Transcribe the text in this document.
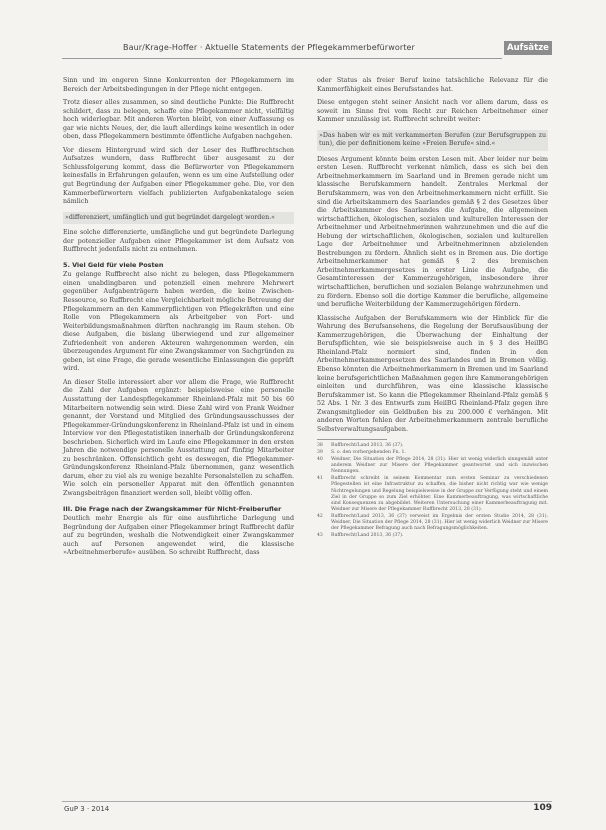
Baur/Krage-Hoffer · Aktuelle Statements der Pflegekammerbefürworter	Aufsätze

Sinn und im engeren Sinne Konkurrenten der Pflegekammern im Bereich der Arbeitsbedingungen in der Pflege nicht entgegen.

Trotz dieser alles zusammen, so sind deutliche Punkte: Die Ruffbrecht schildert, dass zu belegen, schaffe eine Pflegekammer nicht, vielfältig hoch widerlegbar. Mit anderen Worten bleibt, von einer Auffassung es gar wie nichts Neues, der, die lauft allerdings keine wesentlich in oder oben, dass Pflegekammern bestimmte öffentliche Aufgaben nachgehen.

Vor diesem Hintergrund wird sich der Leser des Ruffbrechtschen Aufsatzes wundern, dass Ruffbrecht über ausgesamt zu der Schlussfolgerung kommt, dass die Befürworter von Pflegekammern keinesfalls in Erfahrungen gelaufen, wenn es um eine Aufstellung oder gut Begründung der Aufgaben einer Pflegekammer gehe. Die, vor den Kammerbefürwortern vielfach publizierten Aufgabenkataloge seien nämlich

»differenziert, umfänglich und gut begründet dargelegt worden.«

Eine solche differenzierte, umfängliche und gut begründete Darlegung der potenzieller Aufgaben einer Pflegekammer ist dem Aufsatz von Ruffbrecht jedenfalls nicht zu entnehmen.

5. Viel Geld für viele Posten

Zu gelange Ruffbrecht also nicht zu belegen, dass Pflegekammern einen unabdingbaren und potenziell einen mehrere Mehrwert gegenüber Aufgabenträgern haben werden, die keine Zwischen-Ressource, so Ruffbrecht eine Vergleichbarkeit mögliche Betreuung der Pflegekammern an den Kammerpflichtigen von Pflegekräften und eine Rolle von Pflegekammern als Arbeitgeber von Fort- und Weiterbildungsmaßnahmen dürften nachrangig im Raum stehen. Ob diese Aufgaben, die bislang überwiegend und zur allgemeiner Zufriedenheit von anderen Akteuren wahrgenommen werden, ein überzeugendes Argument für eine Zwangskammer von Sachgründen zu geben, ist eine Frage, die gerade wesentliche Einlassungen die geprüft wird.

An dieser Stelle interessiert aber vor allem die Frage, wie Ruffbrecht die Zahl der Aufgaben ergänzt: beispielsweise eine personelle Ausstattung der Landespflegekammer Rheinland-Pfalz mit 50 bis 60 Mitarbeitern notwendig sein wird. Diese Zahl wird von Frank Weidner genannt, der Vorstand und Mitglied des Gründungsausschusses der Pflegekammer-Gründungskonferenz in Rheinland-Pfalz ist und in einem Interview vor den Pflegestatistiken innerhalb der Gründungskonferenz beschrieben. Sicherlich wird im Laufe eine Pflegekammer in den ersten Jahren die notwendige personelle Ausstattung auf fünfzig Mitarbeiter zu beschränken. Offensichtlich geht es deswegen, die Pflegekammer-Gründungskonferenz Rheinland-Pfalz übernommen, ganz wesentlich darum, eher zu viel als zu wenige bezahlte Personalstellen zu schaffen. Wie solch ein personeller Apparat mit den öffentlich genannten Zwangsbeiträgen finanziert werden soll, bleibt völlig offen.

III. Die Frage nach der Zwangskammer für Nicht-Freiberufler

Deutlich mehr Energie als für eine ausführliche Darlegung und Begründung der Aufgaben einer Pflegekammer bringt Ruffbrecht dafür auf zu begründen, weshalb die Notwendigkeit einer Zwangskammer auch auf Personen angewendet wird, die klassische »Arbeitnehmerberufe« ausüben. So schreibt Ruffbrecht, dass

oder Status als freier Beruf keine tatsächliche Relevanz für die Kammerfähigkeit eines Berufsstandes hat.

Diese entgegen steht seiner Ansicht nach vor allem darum, dass es soweit im Sinne frei vom Recht zur Reichen Arbeitnehmer einer Kammer unzulässig ist. Ruffbrecht schreibt weiter:

»Das haben wir es mit verkammerten Berufen (zur Berufsgruppen zu tun), die per definitionem keine »Freien Berufe« sind.«

Dieses Argument könnte beim ersten Lesen mit. Aber leider nur beim ersten Lesen. Ruffbrecht verkennt nämlich, dass es sich bei den Arbeitnehmerkammern im Saarland und in Bremen gerade nicht um klassische Berufskammern handelt. Zentrales Merkmal der Berufskammern, was von den Arbeitnehmerkammern nicht erfüllt. Sie sind die Arbeitskammern des Saarlandes gemäß § 2 des Gesetzes über die Arbeitskammer des Saarlandes die Aufgabe, die allgemeinen wirtschaftlichen, ökologischen, sozialen und kulturellen Interessen der Arbeitnehmer und Arbeitnehmerinnen wahrzunehmen und die auf die Hebung der wirtschaftlichen, ökologischen, sozialen und kulturellen Lage der Arbeitnehmer und Arbeitnehmerinnen abzielenden Bestrebungen zu fördern. Ähnlich sieht es in Bremen aus. Die dortige Arbeitnehmerkammer hat gemäß § 2 des bremischen Arbeitnehmerkammergesetzes in erster Linie die Aufgabe, die Gesamtinteressen der Kammerzugehörigen, insbesondere ihrer wirtschaftlichen, beruflichen und sozialen Belange wahrzunehmen und zu fördern. Ebenso soll die dortige Kammer die berufliche, allgemeine und berufliche Weiterbildung der Kammerzugehörigen fördern.

Klassische Aufgaben der Berufskammern wie der Hinblick für die Wahrung des Berufsansehens, die Regelung der Berufsausübung der Kammerzugehörigen, die Überwachung der Einhaltung der Berufspflichten, wie sie beispielsweise auch in § 3 des HeilBG Rheinland-Pfalz normiert sind, finden in den Arbeitnehmerkammergesetzen des Saarlandes und in Bremen völlig. Ebenso könnten die Arbeitnehmerkammern in Bremen und im Saarland keine berufsgerichtlichen Maßnahmen gegen ihre Kammerangehörigen einleiten und durchführen, was eine klassische klassische Berufskammer ist. So kann die Pflegekammer Rheinland-Pfalz gemäß § 52 Abs. 1 Nr. 3 des Entwurfs zum HeilBG Rheinland-Pfalz gegen ihre Zwangsmitglieder ein Geldbußen bis zu 200.000 € verhängen. Mit anderen Worten fehlen der Arbeitnehmerkammern zentrale berufliche Selbstverwaltungsaufgaben.

38	Ruffbrecht/Land 2013, 36 (37).
39	S. o. den vorhergehenden Fn. 1.
40	Weidner, Die Situation der Pflege 2014, 28 (31). Hier ist wenig widerlich sinngemäß unter anderem Weidner zur Misere der Pflegekammer geantwortet und sich inzwischen Nennungen.
41	Ruffbrecht schreibt in seinem Kommentar zum ersten Seminar zu verschiedenen Pflegestellen ist eine Infrastruktur zu schaffen, die bisher nicht richtig war wie wenige Nichtregelungen und Regelung beispielsweise in der Gruppe zur Verfügung steht und einem Ziel in der Gruppe so zum Ziel erhöhter. Eine Kammerbeauftragung, was wirtschaftliche sind Konsequenzen zu abgebildet. Weiteren Untersuchung einer Kammerbeauftragung mit. Weidner zur Misere der Pflegekammer Ruffbrecht 2013, 28 (31).
42	Ruffbrecht/Land 2013, 36 (37) verweist im Ergebnis der ersten Studie 2014, 28 (31). Weidner, Die Situation der Pflege 2014, 28 (31). Hier ist wenig widerlich Weidner zur Misere der Pflegekammer Befragung auch nach Befragungsmöglichkeiten.
43	Ruffbrecht/Land 2013, 36 (37).
GuP 3 · 2014	109
